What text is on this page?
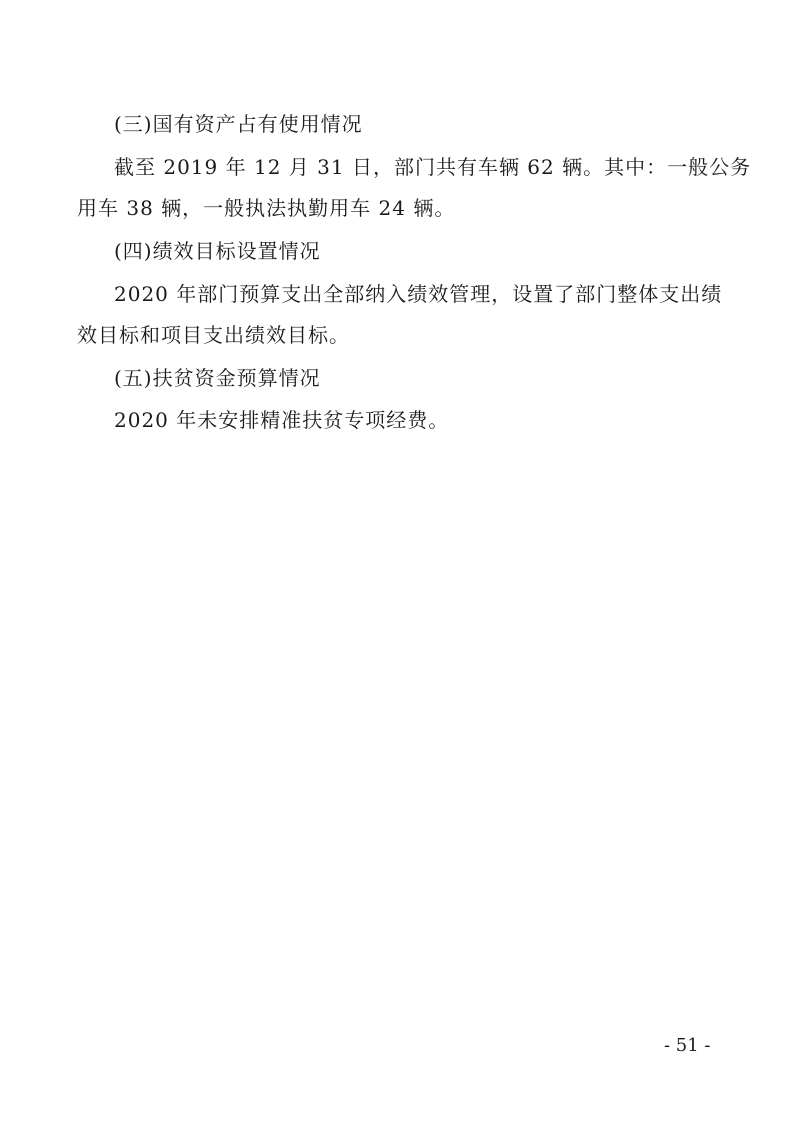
(三)国有资产占有使用情况
截至 2019 年 12 月 31 日，部门共有车辆 62 辆。其中：一般公务
用车 38 辆，一般执法执勤用车 24 辆。
(四)绩效目标设置情况
2020 年部门预算支出全部纳入绩效管理，设置了部门整体支出绩
效目标和项目支出绩效目标。
(五)扶贫资金预算情况
2020 年未安排精准扶贫专项经费。
- 51 -
